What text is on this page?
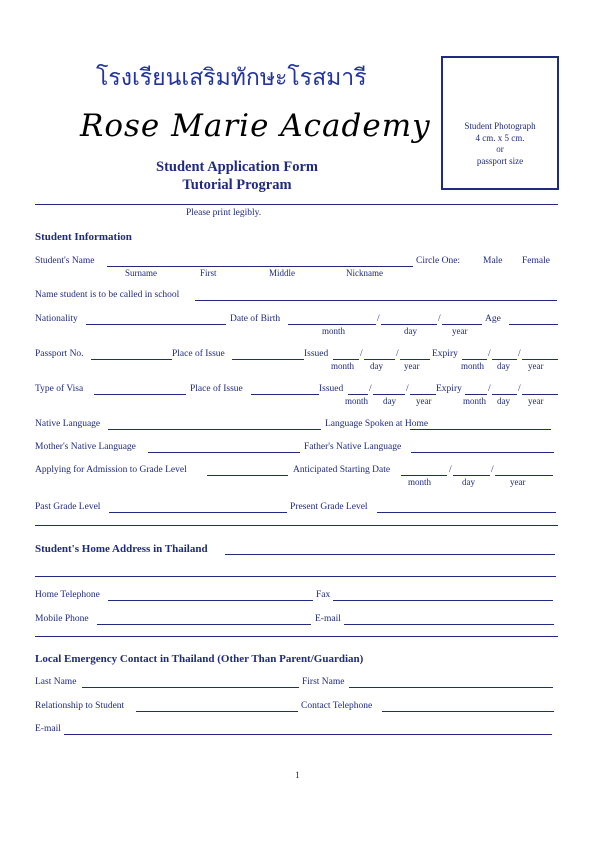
โรงเรียนเสริมทักษะโรสมารี
Rose Marie Academy
Student Application Form
Tutorial Program
Student Photograph
4 cm. x 5 cm.
or
passport size
Please print legibly.
Student Information
Student's Name	Circle One: Male Female
Surname	First	Middle	Nickname
Name student is to be called in school
Nationality	Date of Birth	/	/	Age
month	day	year
Passport No.	Place of Issue	Issued	/	/	Expiry	/	/
month day year	month day year
Type of Visa	Place of Issue	Issued	/	/	Expiry	/	/
month day year	month day year
Native Language	Language Spoken at Home
Mother's Native Language	Father's Native Language
Applying for Admission to Grade Level	Anticipated Starting Date	/	/
month	day	year
Past Grade Level	Present Grade Level
Student's Home Address in Thailand
Home Telephone	Fax
Mobile Phone	E-mail
Local Emergency Contact in Thailand (Other Than Parent/Guardian)
Last Name	First Name
Relationship to Student	Contact Telephone
E-mail
1
